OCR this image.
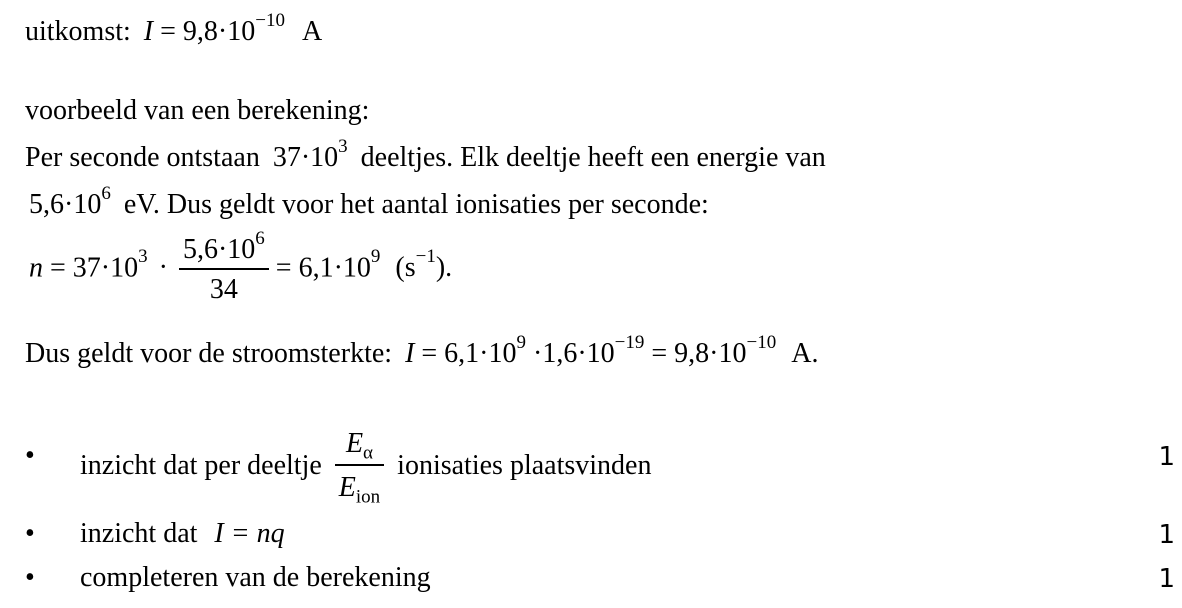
uitkomst: $I = 9,8\cdot 10^{-10}$ A
voorbeeld van een berekening:
Per seconde ontstaan $37\cdot 10^3$ deeltjes. Elk deeltje heeft een energie van
$5,6\cdot 10^6$ eV. Dus geldt voor het aantal ionisaties per seconde:
$n = 37\cdot 10^3 \cdot \frac{5,6\cdot 10^6}{34} = 6,1\cdot 10^9$ $(s^{-1})$.
Dus geldt voor de stroomsterkte: $I = 6,1\cdot 10^9 \cdot 1,6\cdot 10^{-19} = 9,8\cdot 10^{-10}$ A.
• inzicht dat per deeltje $\frac{E_\alpha}{E_{ion}}$ ionisaties plaatsvinden	1
• inzicht dat I = nq	1
• completeren van de berekening	1
